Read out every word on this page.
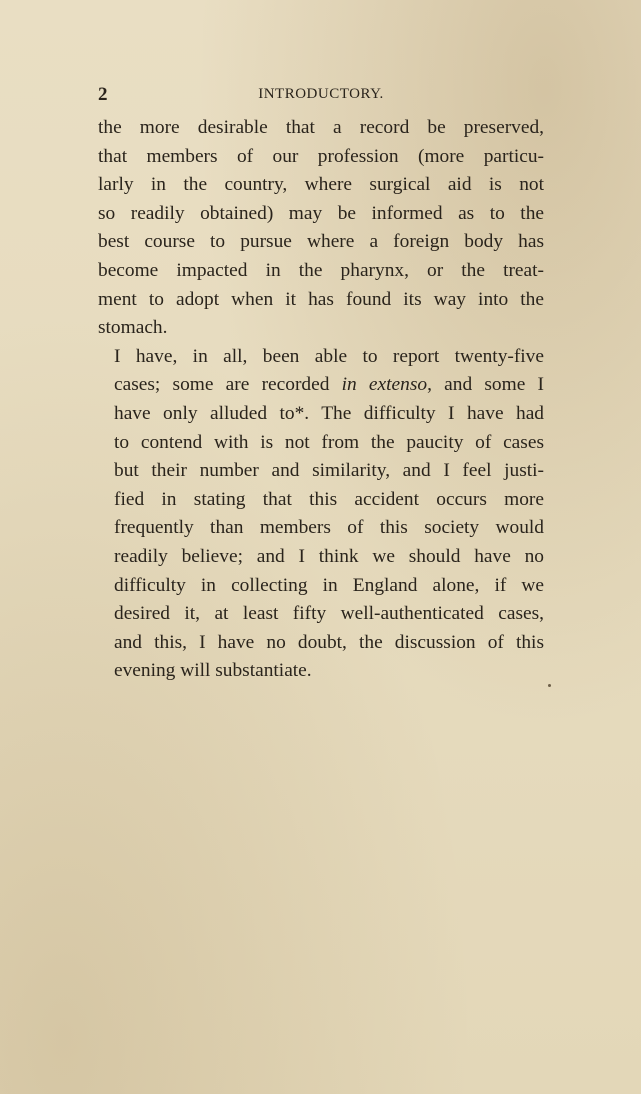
2	INTRODUCTORY.

the more desirable that a record be preserved,
that members of our profession (more particu-
larly in the country, where surgical aid is not
so readily obtained) may be informed as to the
best course to pursue where a foreign body has
become impacted in the pharynx, or the treat-
ment to adopt when it has found its way into the
stomach.

I have, in all, been able to report twenty-five
cases; some are recorded in extenso, and some I
have only alluded to*. The difficulty I have had
to contend with is not from the paucity of cases
but their number and similarity, and I feel justi-
fied in stating that this accident occurs more
frequently than members of this society would
readily believe; and I think we should have no
difficulty in collecting in England alone, if we
desired it, at least fifty well-authenticated cases,
and this, I have no doubt, the discussion of this
evening will substantiate.
